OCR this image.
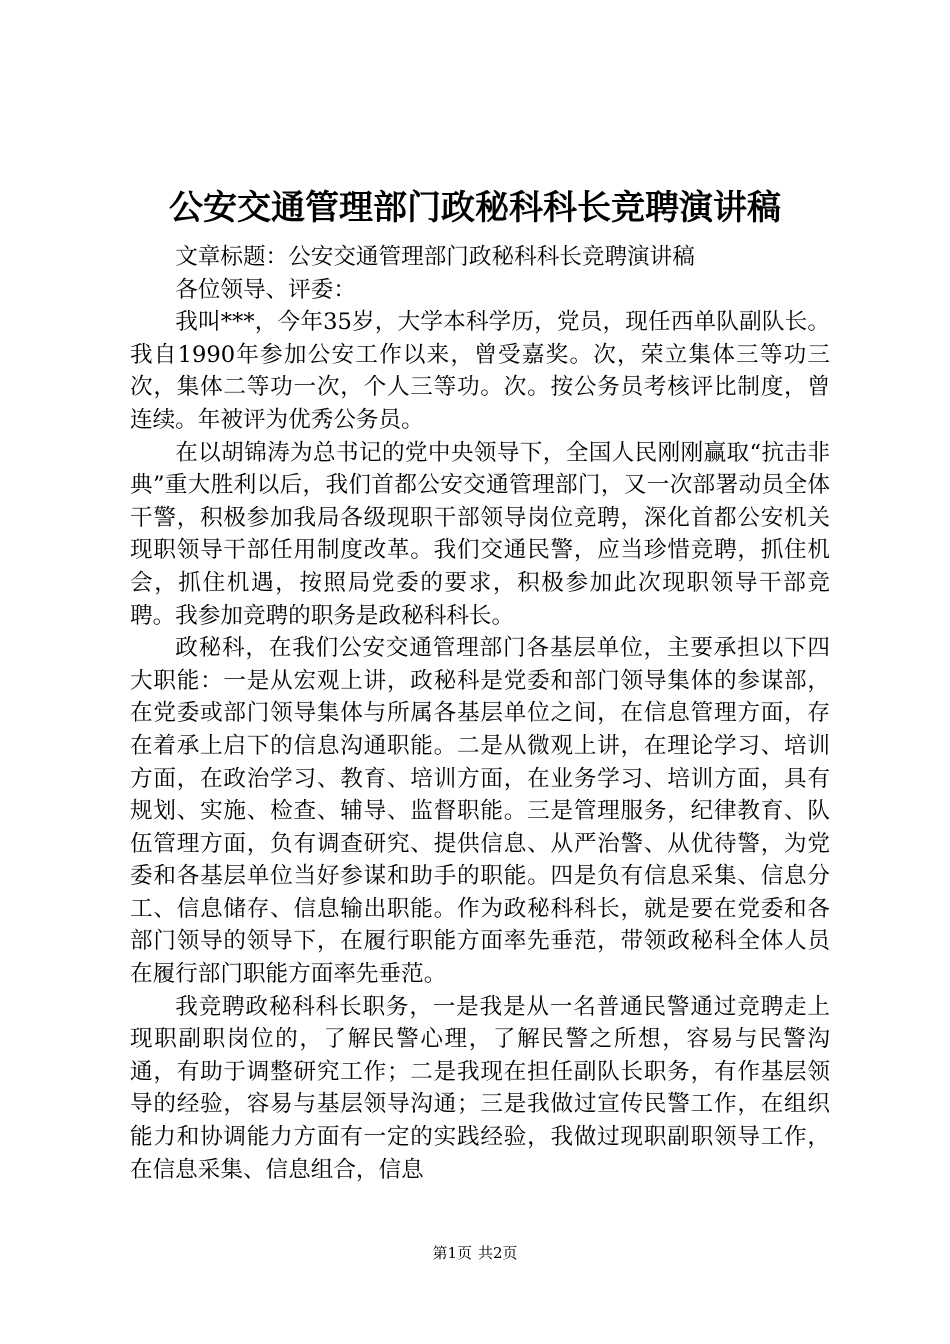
公安交通管理部门政秘科科长竞聘演讲稿

文章标题：公安交通管理部门政秘科科长竞聘演讲稿

各位领导、评委：

我叫***，今年35岁，大学本科学历，党员，现任西单队副队长。我自1990年参加公安工作以来，曾受嘉奖。次，荣立集体三等功三次，集体二等功一次，个人三等功。次。按公务员考核评比制度，曾连续。年被评为优秀公务员。

在以胡锦涛为总书记的党中央领导下，全国人民刚刚赢取“抗击非典”重大胜利以后，我们首都公安交通管理部门，又一次部署动员全体干警，积极参加我局各级现职干部领导岗位竞聘，深化首都公安机关现职领导干部任用制度改革。我们交通民警，应当珍惜竞聘，抓住机会，抓住机遇，按照局党委的要求，积极参加此次现职领导干部竞聘。我参加竞聘的职务是政秘科科长。

政秘科，在我们公安交通管理部门各基层单位，主要承担以下四大职能：一是从宏观上讲，政秘科是党委和部门领导集体的参谋部，在党委或部门领导集体与所属各基层单位之间，在信息管理方面，存在着承上启下的信息沟通职能。二是从微观上讲，在理论学习、培训方面，在政治学习、教育、培训方面，在业务学习、培训方面，具有规划、实施、检查、辅导、监督职能。三是管理服务，纪律教育、队伍管理方面，负有调查研究、提供信息、从严治警、从优待警，为党委和各基层单位当好参谋和助手的职能。四是负有信息采集、信息分工、信息储存、信息输出职能。作为政秘科科长，就是要在党委和各部门领导的领导下，在履行职能方面率先垂范，带领政秘科全体人员在履行部门职能方面率先垂范。

我竞聘政秘科科长职务，一是我是从一名普通民警通过竞聘走上现职副职岗位的，了解民警心理，了解民警之所想，容易与民警沟通，有助于调整研究工作；二是我现在担任副队长职务，有作基层领导的经验，容易与基层领导沟通；三是我做过宣传民警工作，在组织能力和协调能力方面有一定的实践经验，我做过现职副职领导工作，在信息采集、信息组合，信息

第1页 共2页
